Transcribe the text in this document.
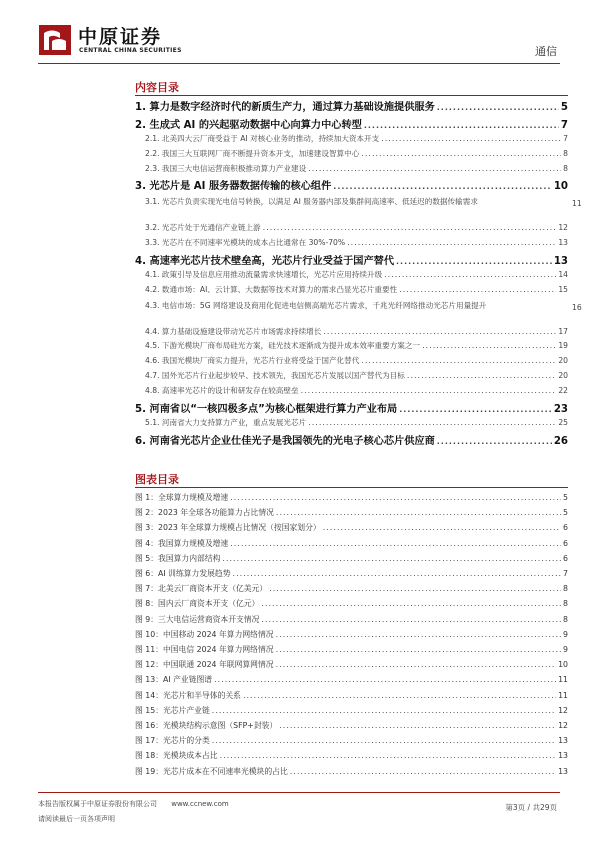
中原证券
CENTRAL CHINA SECURITIES	通信
内容目录
1. 算力是数字经济时代的新质生产力，通过算力基础设施提供服务 .....	5
2. 生成式 AI 的兴起驱动数据中心向算力中心转型 .....	7
2.1. 北美四大云厂商受益于 AI 对核心业务的推动，持续加大资本开支 .....	7
2.2. 我国三大互联网厂商不断提升资本开支，加速建设智算中心 .....	8
2.3. 我国三大电信运营商积极推动算力产业建设 .....	8
3. 光芯片是 AI 服务器数据传输的核心组件 .....	10
3.1. 光芯片负责实现光电信号转换，以满足 AI 服务器内部及集群间高速率、低延迟的数据传输需求	11
3.2. 光芯片处于光通信产业链上游 .....	12
3.3. 光芯片在不同速率光模块的成本占比通常在 30%-70% .....	13
4. 高速率光芯片技术壁垒高，光芯片行业受益于国产替代 .....	13
4.1. 政策引导及信息应用推动流量需求快速增长，光芯片应用持续升级 .....	14
4.2. 数通市场：AI、云计算、大数据等技术对算力的需求凸显光芯片重要性 .....	15
4.3. 电信市场：5G 网络建设及商用化促进电信侧高端光芯片需求，千兆光纤网络推动光芯片用量提升	16
4.4. 算力基础设施建设带动光芯片市场需求持续增长 .....	17
4.5. 下游光模块厂商布局硅光方案，硅光技术逐渐成为提升成本效率重要方案之一 .....	19
4.6. 我国光模块厂商实力提升，光芯片行业将受益于国产化替代 .....	20
4.7. 国外光芯片行业起步较早、技术领先，我国光芯片发展以国产替代为目标 .....	20
4.8. 高速率光芯片的设计和研发存在较高壁垒 .....	22
5. 河南省以“一核四极多点”为核心框架进行算力产业布局 .....	23
5.1. 河南省大力支持算力产业，重点发展光芯片 .....	25
6. 河南省光芯片企业仕佳光子是我国领先的光电子核心芯片供应商 .....	26
图表目录
图 1：全球算力规模及增速 .....	5
图 2：2023 年全球各功能算力占比情况 .....	5
图 3：2023 年全球算力规模占比情况（按国家划分） .....	6
图 4：我国算力规模及增速 .....	6
图 5：我国算力内部结构 .....	6
图 6：AI 训练算力发展趋势 .....	7
图 7：北美云厂商资本开支（亿美元） .....	8
图 8：国内云厂商资本开支（亿元） .....	8
图 9：三大电信运营商资本开支情况 .....	8
图 10：中国移动 2024 年算力网络情况 .....	9
图 11：中国电信 2024 年算力网络情况 .....	9
图 12：中国联通 2024 年联网算网情况 .....	10
图 13：AI 产业链图谱 .....	11
图 14：光芯片和半导体的关系 .....	11
图 15：光芯片产业链 .....	12
图 16：光模块结构示意图（SFP+封装） .....	12
图 17：光芯片的分类 .....	13
图 18：光模块成本占比 .....	13
图 19：光芯片成本在不同速率光模块的占比 .....	13
本报告版权属于中原证券股份有限公司 www.ccnew.com
请阅读最后一页各项声明
第3页 / 共29页
